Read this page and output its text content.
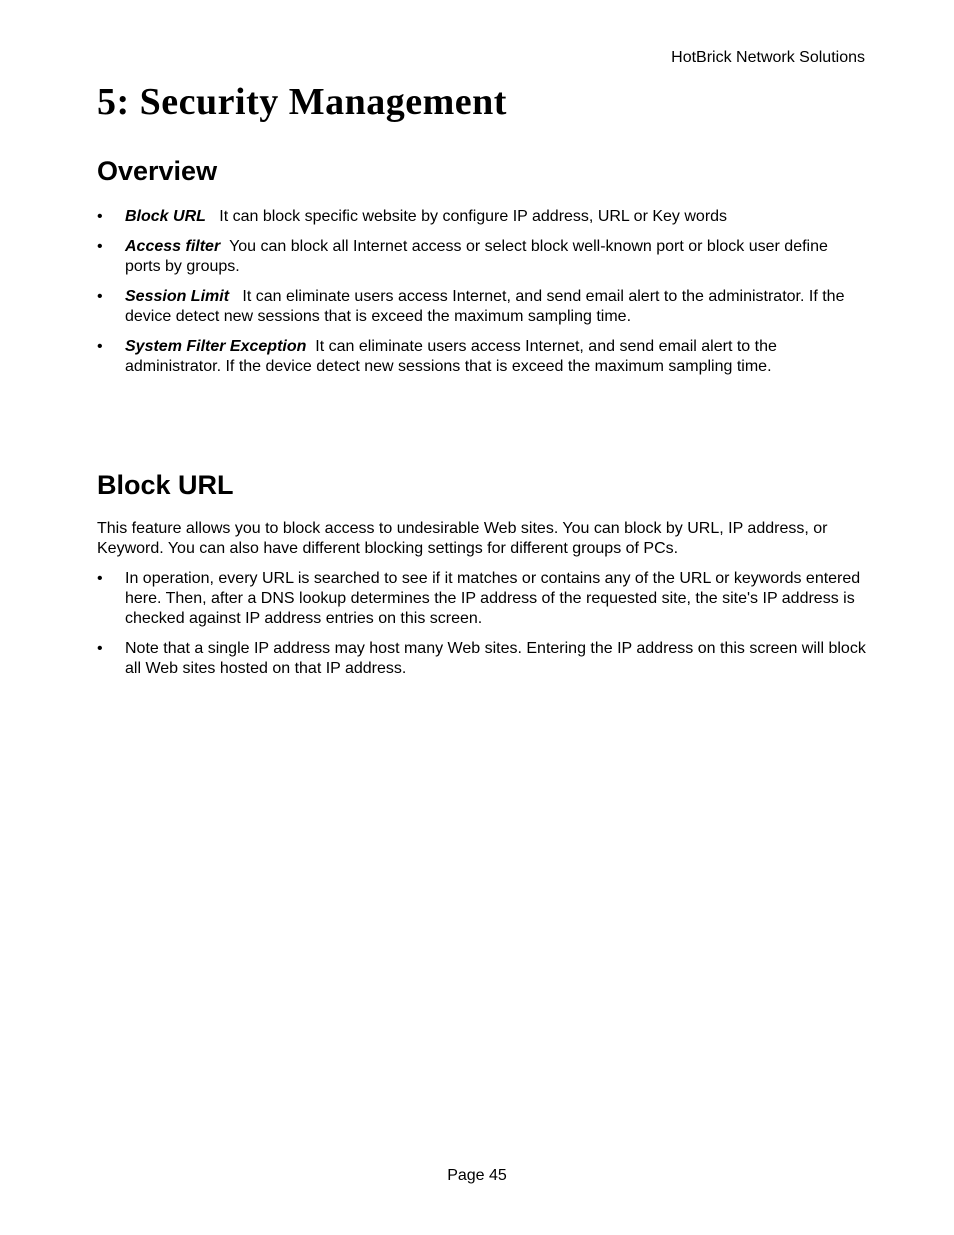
HotBrick Network Solutions
5: Security Management
Overview
• Block URL It can block specific website by configure IP address, URL or Key words
• Access filter You can block all Internet access or select block well-known port or block user define ports by groups.
• Session Limit It can eliminate users access Internet, and send email alert to the administrator. If the device detect new sessions that is exceed the maximum sampling time.
• System Filter Exception It can eliminate users access Internet, and send email alert to the administrator. If the device detect new sessions that is exceed the maximum sampling time.
Block URL

This feature allows you to block access to undesirable Web sites. You can block by URL, IP address, or Keyword. You can also have different blocking settings for different groups of PCs.

• In operation, every URL is searched to see if it matches or contains any of the URL or keywords entered here. Then, after a DNS lookup determines the IP address of the requested site, the site's IP address is checked against IP address entries on this screen.
• Note that a single IP address may host many Web sites. Entering the IP address on this screen will block all Web sites hosted on that IP address.
Page 45
